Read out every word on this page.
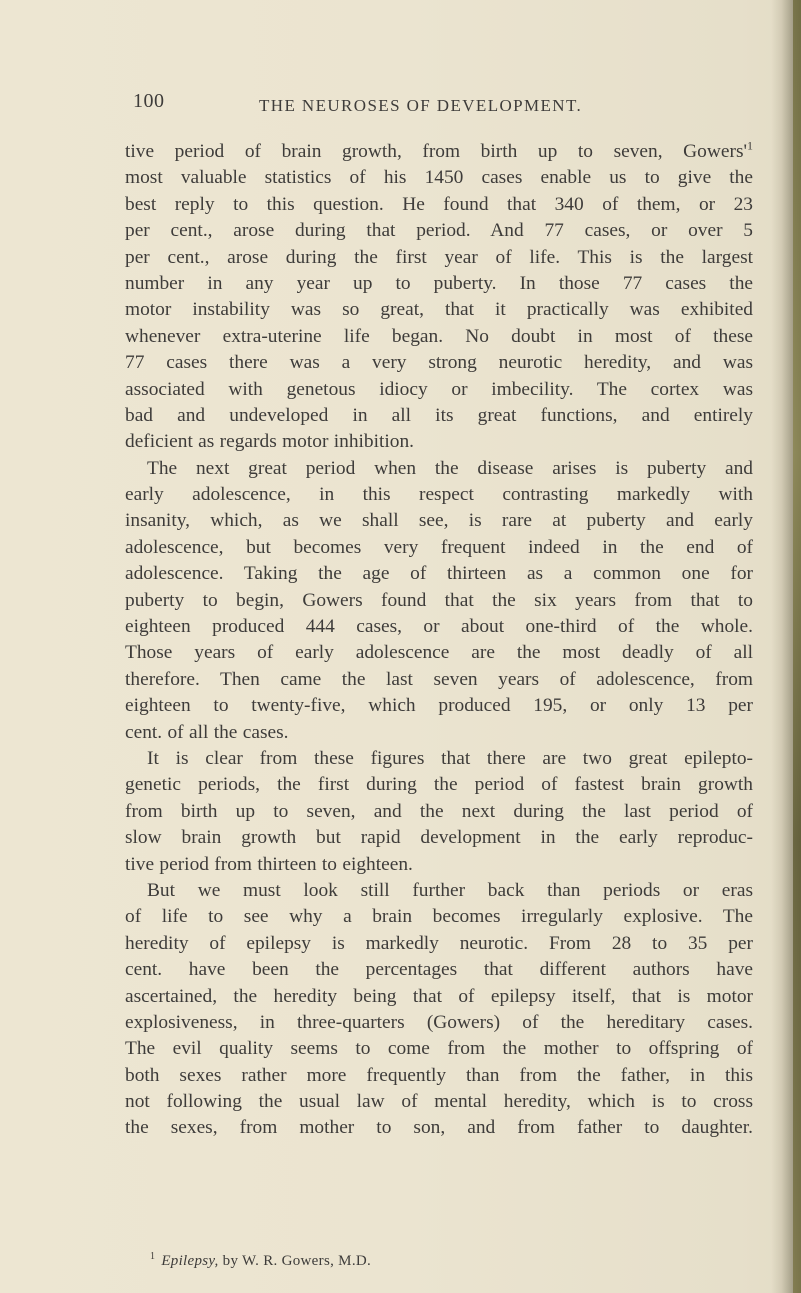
100	THE NEUROSES OF DEVELOPMENT.
tive period of brain growth, from birth up to seven, Gowers'$^1$
most valuable statistics of his 1450 cases enable us to give the
best reply to this question. He found that 340 of them, or 23
per cent., arose during that period. And 77 cases, or over 5
per cent., arose during the first year of life. This is the largest
number in any year up to puberty. In those 77 cases the
motor instability was so great, that it practically was exhibited
whenever extra-uterine life began. No doubt in most of these
77 cases there was a very strong neurotic heredity, and was
associated with genetous idiocy or imbecility. The cortex was
bad and undeveloped in all its great functions, and entirely
deficient as regards motor inhibition.
The next great period when the disease arises is puberty and
early adolescence, in this respect contrasting markedly with
insanity, which, as we shall see, is rare at puberty and early
adolescence, but becomes very frequent indeed in the end of
adolescence. Taking the age of thirteen as a common one for
puberty to begin, Gowers found that the six years from that to
eighteen produced 444 cases, or about one-third of the whole.
Those years of early adolescence are the most deadly of all
therefore. Then came the last seven years of adolescence, from
eighteen to twenty-five, which produced 195, or only 13 per
cent. of all the cases.
It is clear from these figures that there are two great epilepto-
genetic periods, the first during the period of fastest brain growth
from birth up to seven, and the next during the last period of
slow brain growth but rapid development in the early reproduc-
tive period from thirteen to eighteen.
But we must look still further back than periods or eras
of life to see why a brain becomes irregularly explosive. The
heredity of epilepsy is markedly neurotic. From 28 to 35 per
cent. have been the percentages that different authors have
ascertained, the heredity being that of epilepsy itself, that is motor
explosiveness, in three-quarters (Gowers) of the hereditary cases.
The evil quality seems to come from the mother to offspring of
both sexes rather more frequently than from the father, in this
not following the usual law of mental heredity, which is to cross
the sexes, from mother to son, and from father to daughter.
$^1$ Epilepsy, by W. R. Gowers, M.D.
